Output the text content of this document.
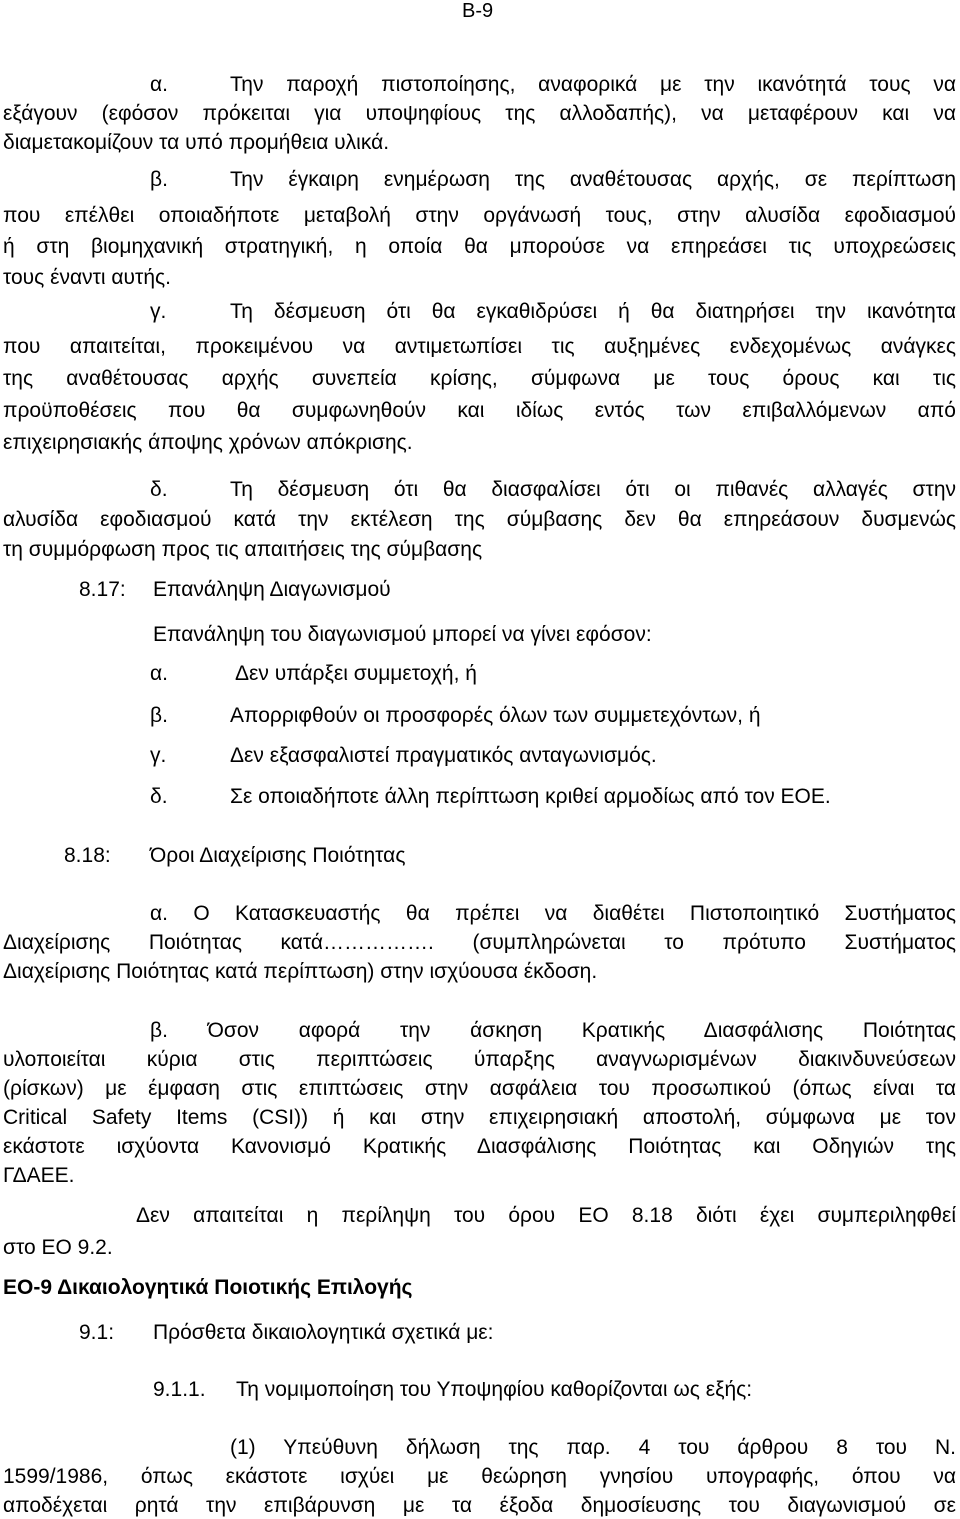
B-9
α.	Την παροχή πιστοποίησης, αναφορικά με την ικανότητά τους να
εξάγουν (εφόσον πρόκειται για υποψηφίους της αλλοδαπής), να μεταφέρουν και να
διαμετακομίζουν τα υπό προμήθεια υλικά.
β.	Την έγκαιρη ενημέρωση της αναθέτουσας αρχής, σε περίπτωση
που επέλθει οποιαδήποτε μεταβολή στην οργάνωσή τους, στην αλυσίδα εφοδιασμού
ή στη βιομηχανική στρατηγική, η οποία θα μπορούσε να επηρεάσει τις υποχρεώσεις
τους έναντι αυτής.
γ.	Τη δέσμευση ότι θα εγκαθιδρύσει ή θα διατηρήσει την ικανότητα
που απαιτείται, προκειμένου να αντιμετωπίσει τις αυξημένες ενδεχομένως ανάγκες
της αναθέτουσας αρχής συνεπεία κρίσης, σύμφωνα με τους όρους και τις
προϋποθέσεις που θα συμφωνηθούν και ιδίως εντός των επιβαλλόμενων από
επιχειρησιακής άποψης χρόνων απόκρισης.
δ.	Τη δέσμευση ότι θα διασφαλίσει ότι οι πιθανές αλλαγές στην
αλυσίδα εφοδιασμού κατά την εκτέλεση της σύμβασης δεν θα επηρεάσουν δυσμενώς
τη συμμόρφωση προς τις απαιτήσεις της σύμβασης
8.17: Επανάληψη Διαγωνισμού
Επανάληψη του διαγωνισμού μπορεί να γίνει εφόσον:
α.	Δεν υπάρξει συμμετοχή, ή
β.	Απορριφθούν οι προσφορές όλων των συμμετεχόντων, ή
γ.	Δεν εξασφαλιστεί πραγματικός ανταγωνισμός.
δ.	Σε οποιαδήποτε άλλη περίπτωση κριθεί αρμοδίως από τον ΕΟΕ.
8.18: Όροι Διαχείρισης Ποιότητας
α. Ο Κατασκευαστής θα πρέπει να διαθέτει Πιστοποιητικό Συστήματος
Διαχείρισης Ποιότητας κατά……………. (συμπληρώνεται το πρότυπο Συστήματος
Διαχείρισης Ποιότητας κατά περίπτωση) στην ισχύουσα έκδοση.
β. Όσον αφορά την άσκηση Κρατικής Διασφάλισης Ποιότητας
υλοποιείται κύρια στις περιπτώσεις ύπαρξης αναγνωρισμένων διακινδυνεύσεων
(ρίσκων) με έμφαση στις επιπτώσεις στην ασφάλεια του προσωπικού (όπως είναι τα
Critical Safety Items (CSI)) ή και στην επιχειρησιακή αποστολή, σύμφωνα με τον
εκάστοτε ισχύοντα Κανονισμό Κρατικής Διασφάλισης Ποιότητας και Οδηγιών της
ΓΔΑΕΕ.
Δεν απαιτείται η περίληψη του όρου ΕΟ 8.18 διότι έχει συμπεριληφθεί
στο ΕΟ 9.2.
ΕΟ-9 Δικαιολογητικά Ποιοτικής Επιλογής
9.1: Πρόσθετα δικαιολογητικά σχετικά με:
9.1.1. Τη νομιμοποίηση του Υποψηφίου καθορίζονται ως εξής:
(1) Υπεύθυνη δήλωση της παρ. 4 του άρθρου 8 του Ν.
1599/1986, όπως εκάστοτε ισχύει με θεώρηση γνησίου υπογραφής, όπου να
αποδέχεται ρητά την επιβάρυνση με τα έξοδα δημοσίευσης του διαγωνισμού σε
